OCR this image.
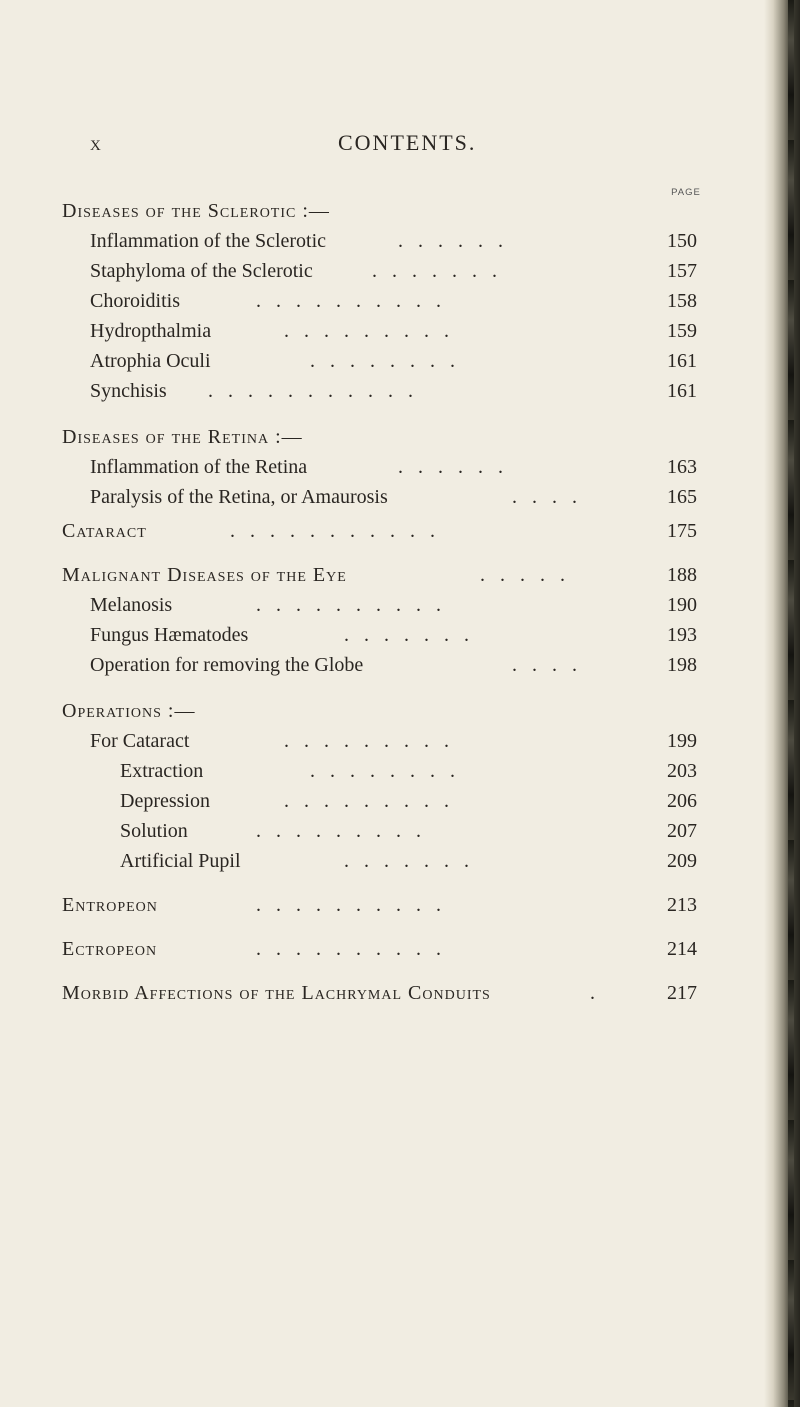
x	CONTENTS.
PAGE
Diseases of the Sclerotic :—
Inflammation of the Sclerotic	......	150
Staphyloma of the Sclerotic	.......	157
Choroiditis	..........	158
Hydropthalmia	.........	159
Atrophia Oculi	........	161
Synchisis ...........	161
Diseases of the Retina :—
Inflammation of the Retina	......	163
Paralysis of the Retina, or Amaurosis	....	165
Cataract	...........	175
Malignant Diseases of the Eye	.....	188
Melanosis	..........	190
Fungus Hæmatodes	.......	193
Operation for removing the Globe	....	198
Operations :—
For Cataract	.........	199
Extraction	........	203
Depression	.........	206
Solution	.........	207
Artificial Pupil	.......	209
Entropeon	..........	213
Ectropeon	..........	214
Morbid Affections of the Lachrymal Conduits	.	217
